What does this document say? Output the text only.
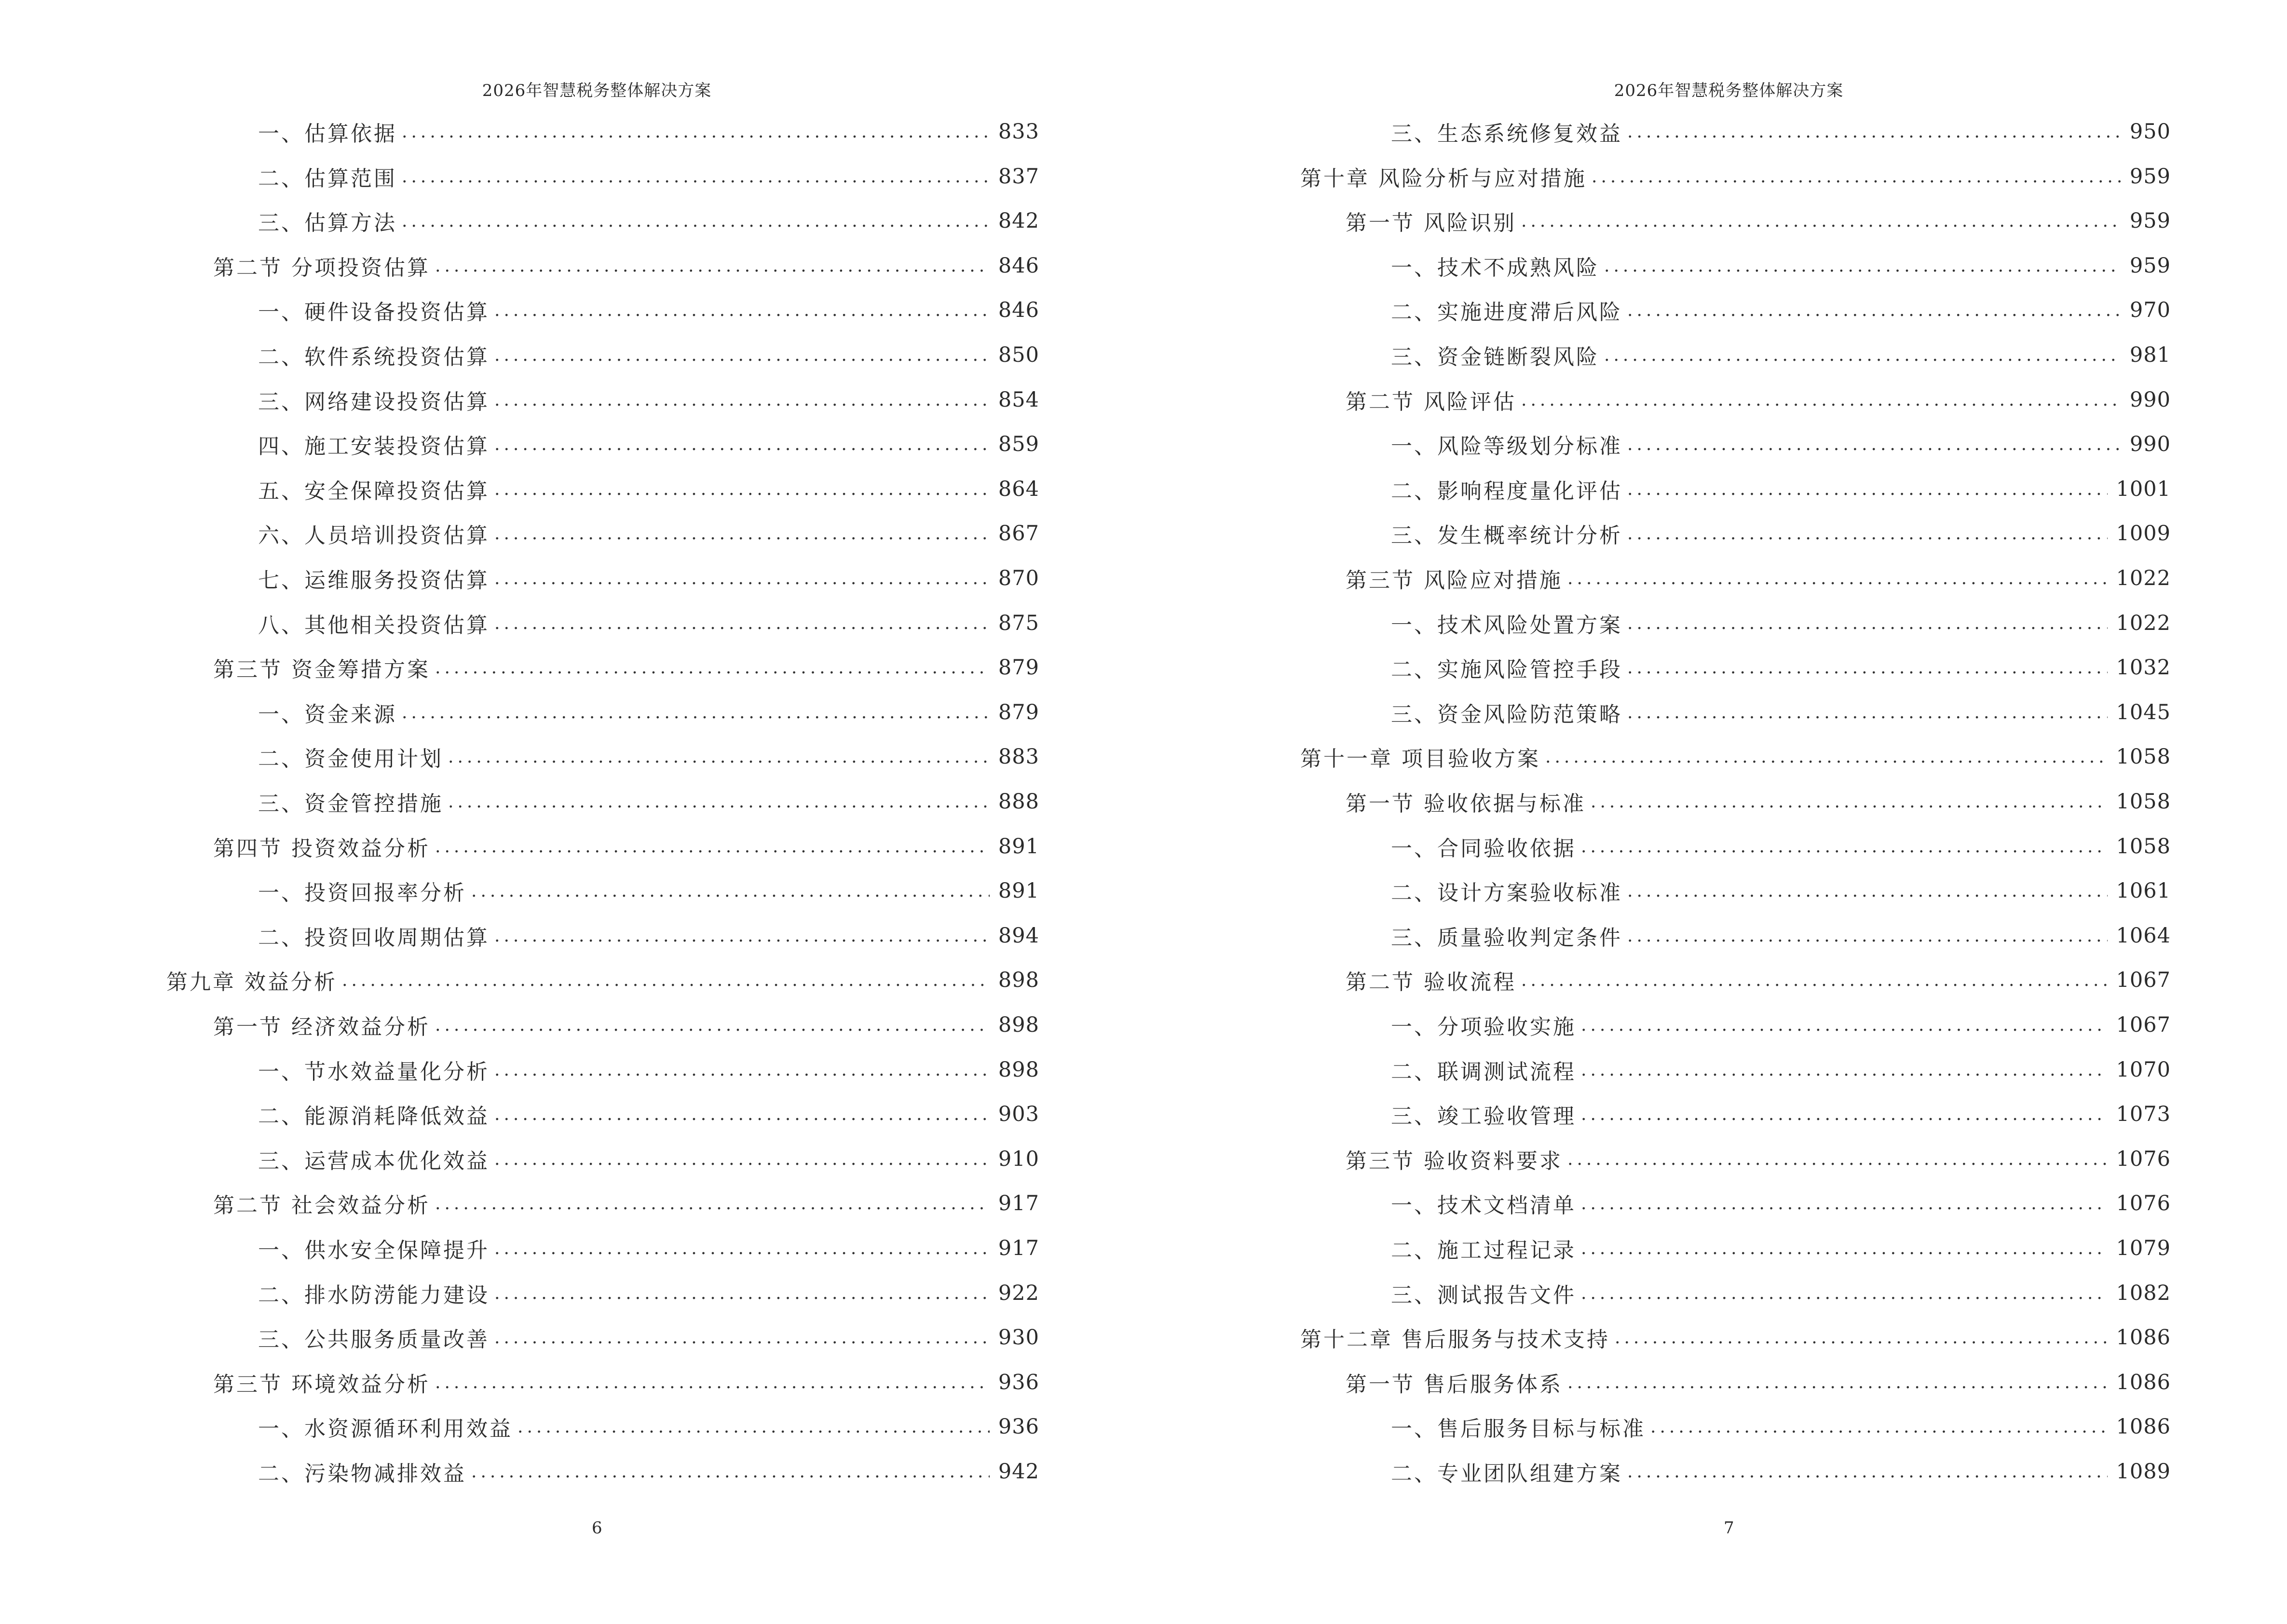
2026年智慧税务整体解决方案
一、估算依据 .....	833
二、估算范围 .....	837
三、估算方法 .....	842
第二节 分项投资估算 .....	846
一、硬件设备投资估算 .....	846
二、软件系统投资估算 .....	850
三、网络建设投资估算 .....	854
四、施工安装投资估算 .....	859
五、安全保障投资估算 .....	864
六、人员培训投资估算 .....	867
七、运维服务投资估算 .....	870
八、其他相关投资估算 .....	875
第三节 资金筹措方案 .....	879
一、资金来源 .....	879
二、资金使用计划 .....	883
三、资金管控措施 .....	888
第四节 投资效益分析 .....	891
一、投资回报率分析 .....	891
二、投资回收周期估算 .....	894
第九章 效益分析 .....	898
第一节 经济效益分析 .....	898
一、节水效益量化分析 .....	898
二、能源消耗降低效益 .....	903
三、运营成本优化效益 .....	910
第二节 社会效益分析 .....	917
一、供水安全保障提升 .....	917
二、排水防涝能力建设 .....	922
三、公共服务质量改善 .....	930
第三节 环境效益分析 .....	936
一、水资源循环利用效益 .....	936
二、污染物减排效益 .....	942
6
2026年智慧税务整体解决方案
三、生态系统修复效益 .....	950
第十章 风险分析与应对措施 .....	959
第一节 风险识别 .....	959
一、技术不成熟风险 .....	959
二、实施进度滞后风险 .....	970
三、资金链断裂风险 .....	981
第二节 风险评估 .....	990
一、风险等级划分标准 .....	990
二、影响程度量化评估 .....	1001
三、发生概率统计分析 .....	1009
第三节 风险应对措施 .....	1022
一、技术风险处置方案 .....	1022
二、实施风险管控手段 .....	1032
三、资金风险防范策略 .....	1045
第十一章 项目验收方案 .....	1058
第一节 验收依据与标准 .....	1058
一、合同验收依据 .....	1058
二、设计方案验收标准 .....	1061
三、质量验收判定条件 .....	1064
第二节 验收流程 .....	1067
一、分项验收实施 .....	1067
二、联调测试流程 .....	1070
三、竣工验收管理 .....	1073
第三节 验收资料要求 .....	1076
一、技术文档清单 .....	1076
二、施工过程记录 .....	1079
三、测试报告文件 .....	1082
第十二章 售后服务与技术支持 .....	1086
第一节 售后服务体系 .....	1086
一、售后服务目标与标准 .....	1086
二、专业团队组建方案 .....	1089
7
